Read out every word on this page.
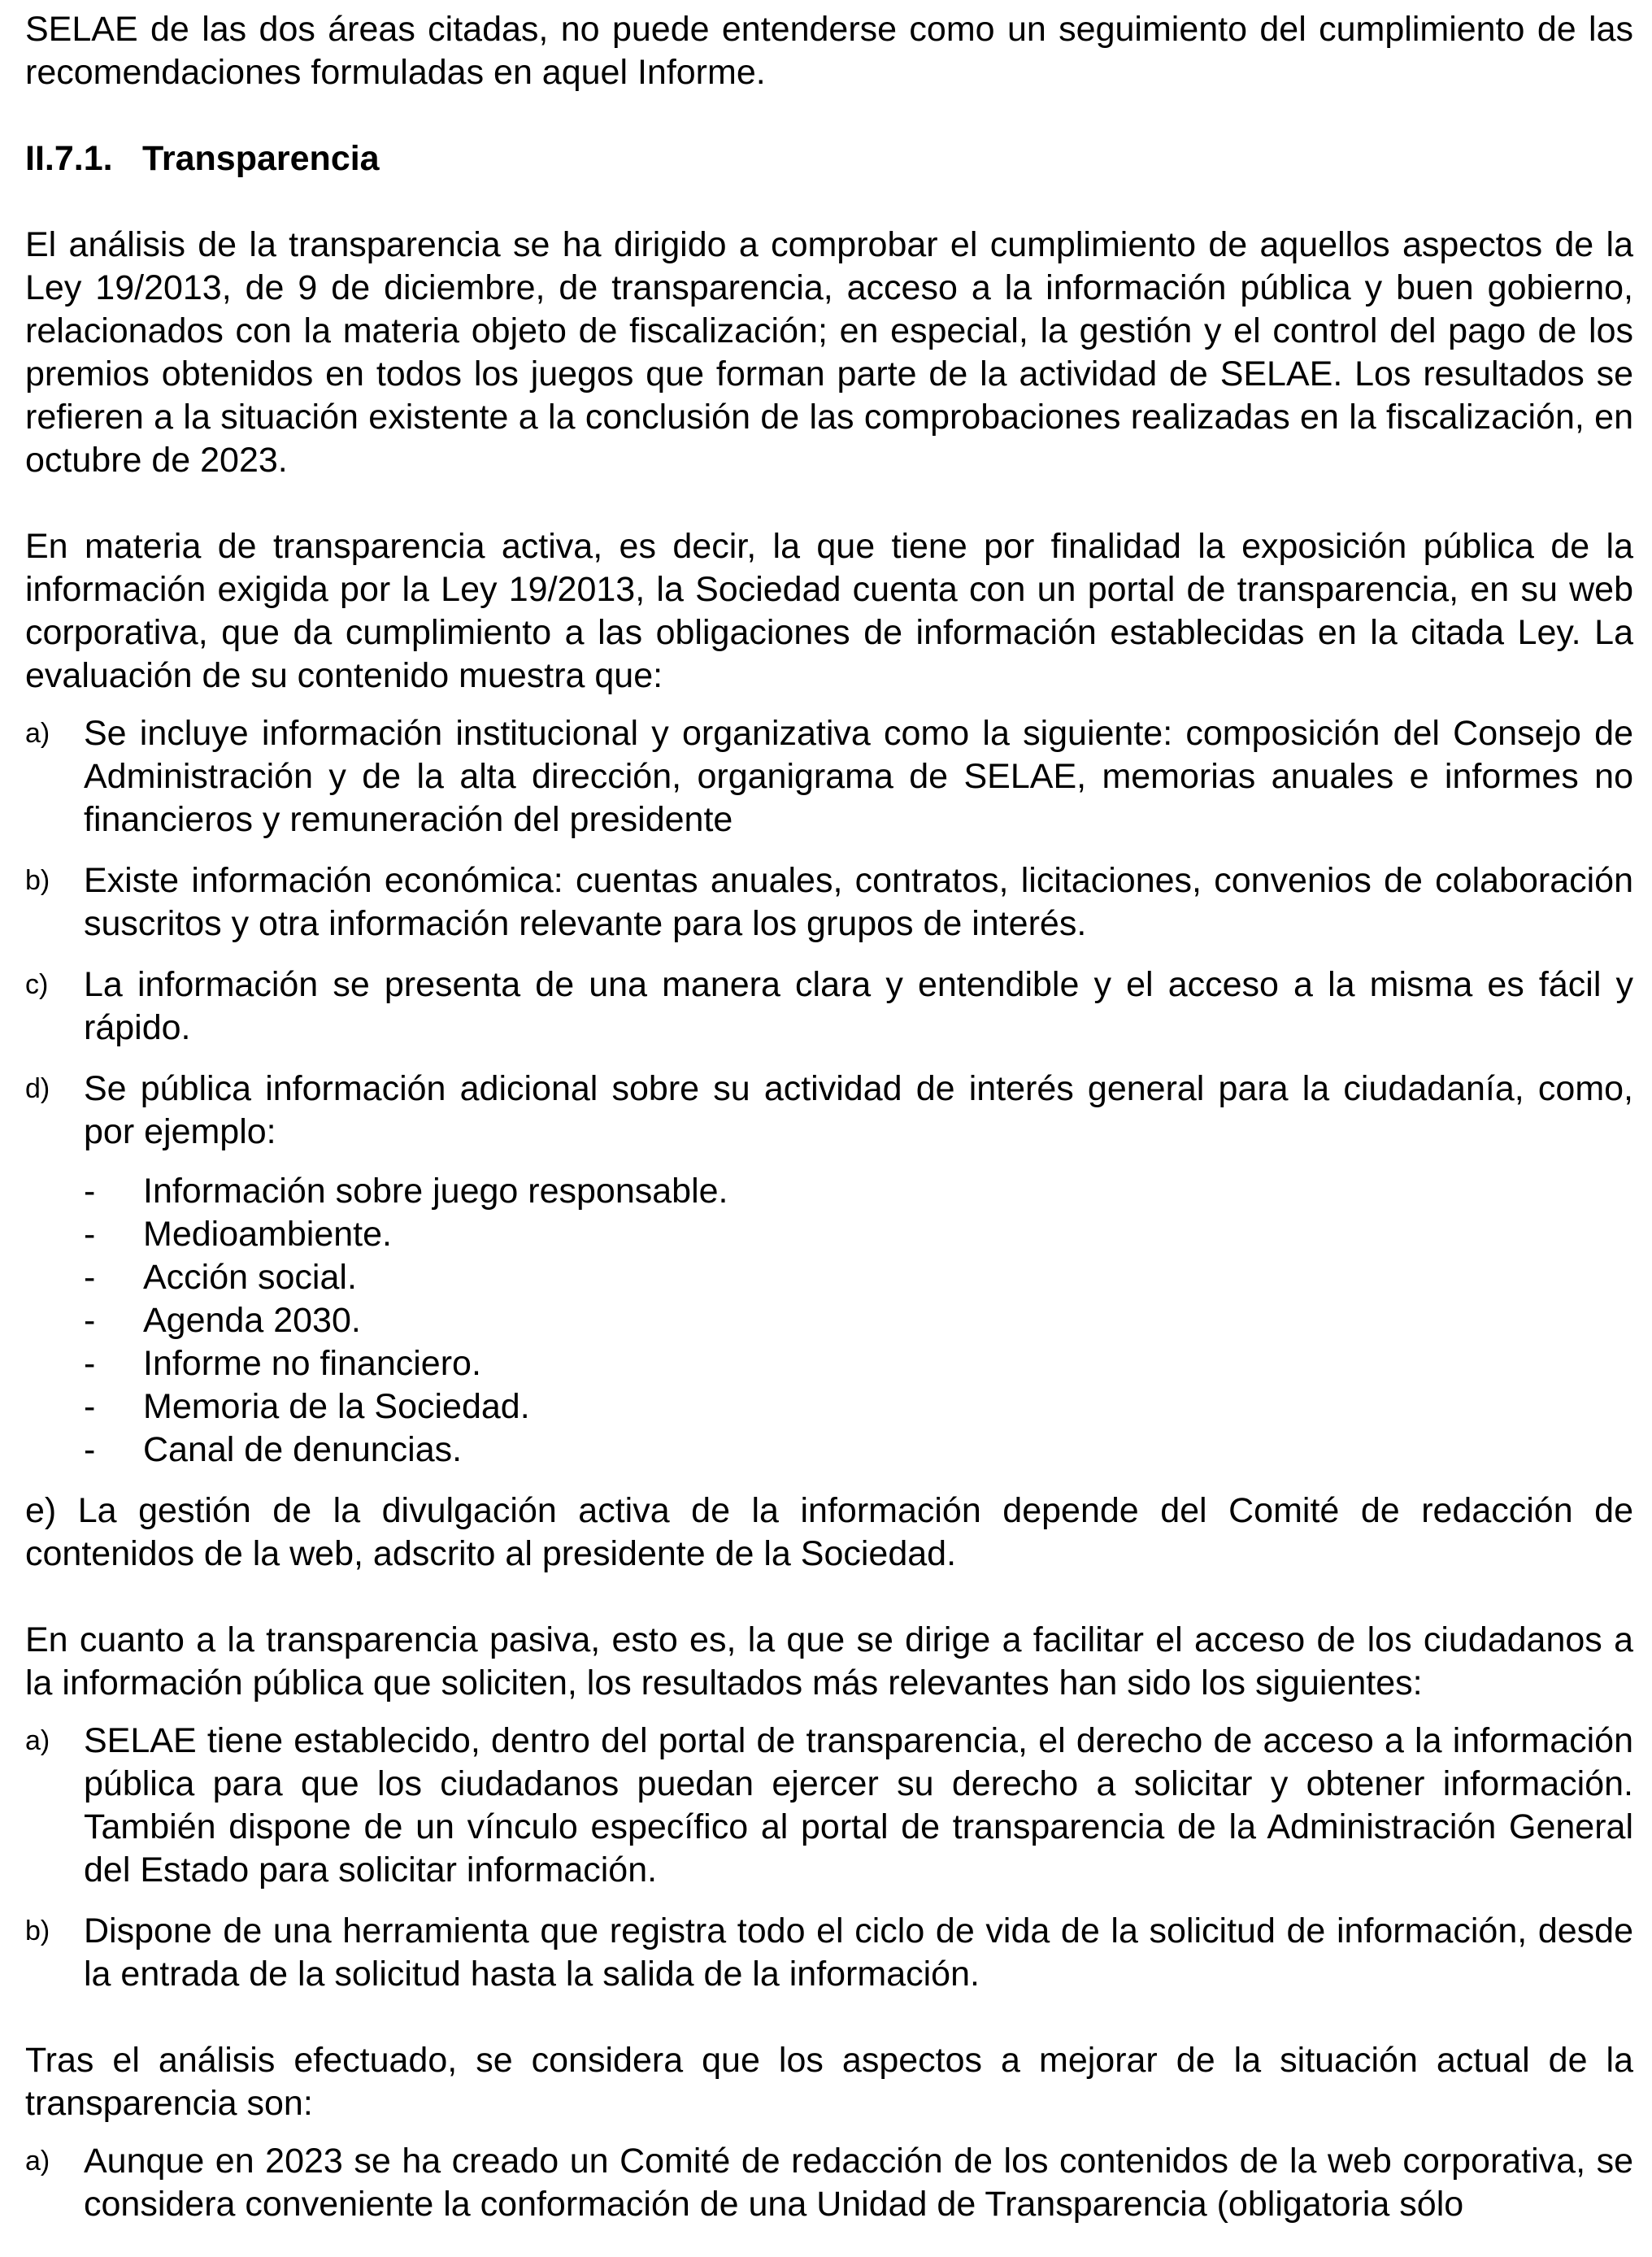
SELAE de las dos áreas citadas, no puede entenderse como un seguimiento del cumplimiento de las recomendaciones formuladas en aquel Informe.

II.7.1. Transparencia

El análisis de la transparencia se ha dirigido a comprobar el cumplimiento de aquellos aspectos de la Ley 19/2013, de 9 de diciembre, de transparencia, acceso a la información pública y buen gobierno, relacionados con la materia objeto de fiscalización; en especial, la gestión y el control del pago de los premios obtenidos en todos los juegos que forman parte de la actividad de SELAE. Los resultados se refieren a la situación existente a la conclusión de las comprobaciones realizadas en la fiscalización, en octubre de 2023.

En materia de transparencia activa, es decir, la que tiene por finalidad la exposición pública de la información exigida por la Ley 19/2013, la Sociedad cuenta con un portal de transparencia, en su web corporativa, que da cumplimiento a las obligaciones de información establecidas en la citada Ley. La evaluación de su contenido muestra que:

a) Se incluye información institucional y organizativa como la siguiente: composición del Consejo de Administración y de la alta dirección, organigrama de SELAE, memorias anuales e informes no financieros y remuneración del presidente
b) Existe información económica: cuentas anuales, contratos, licitaciones, convenios de colaboración suscritos y otra información relevante para los grupos de interés.
c)	La información se presenta de una manera clara y entendible y el acceso a la misma es fácil y rápido.
d) Se pública información adicional sobre su actividad de interés general para la ciudadanía, como, por ejemplo:
-	Información sobre juego responsable.
-	Medioambiente.
-	Acción social.
-	Agenda 2030.
-	Informe no financiero.
-	Memoria de la Sociedad.
-	Canal de denuncias.

e) La gestión de la divulgación activa de la información depende del Comité de redacción de contenidos de la web, adscrito al presidente de la Sociedad.

En cuanto a la transparencia pasiva, esto es, la que se dirige a facilitar el acceso de los ciudadanos a la información pública que soliciten, los resultados más relevantes han sido los siguientes:

a) SELAE tiene establecido, dentro del portal de transparencia, el derecho de acceso a la información pública para que los ciudadanos puedan ejercer su derecho a solicitar y obtener información. También dispone de un vínculo específico al portal de transparencia de la Administración General del Estado para solicitar información.
b) Dispone de una herramienta que registra todo el ciclo de vida de la solicitud de información, desde la entrada de la solicitud hasta la salida de la información.

Tras el análisis efectuado, se considera que los aspectos a mejorar de la situación actual de la transparencia son:

a) Aunque en 2023 se ha creado un Comité de redacción de los contenidos de la web corporativa, se considera conveniente la conformación de una Unidad de Transparencia (obligatoria sólo
